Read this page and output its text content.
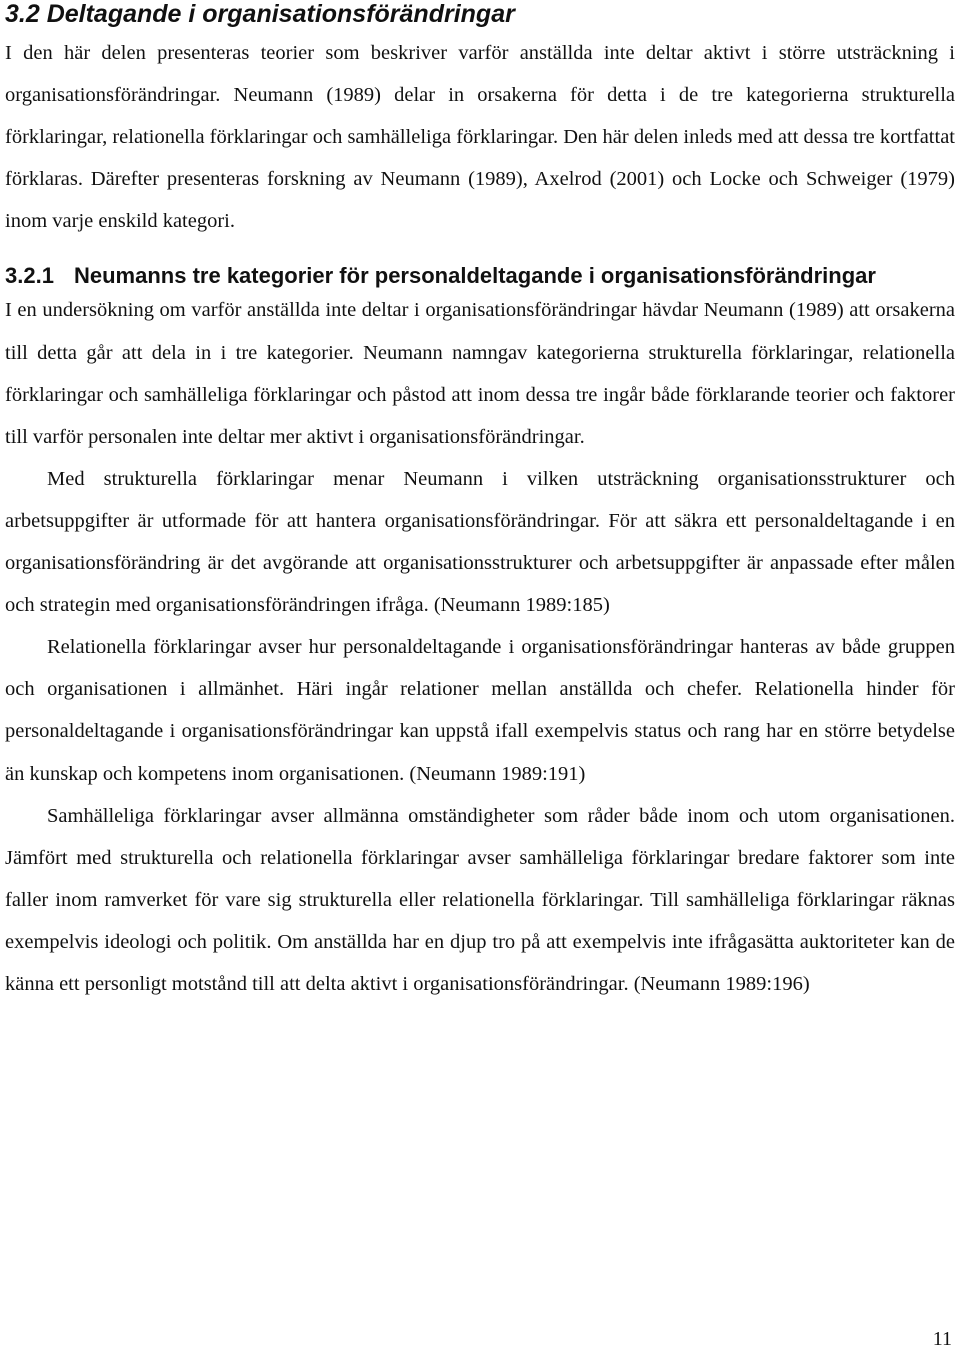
3.2 Deltagande i organisationsförändringar

I den här delen presenteras teorier som beskriver varför anställda inte deltar aktivt i större utsträckning i organisationsförändringar. Neumann (1989) delar in orsakerna för detta i de tre kategorierna strukturella förklaringar, relationella förklaringar och samhälleliga förklaringar. Den här delen inleds med att dessa tre kortfattat förklaras. Därefter presenteras forskning av Neumann (1989), Axelrod (2001) och Locke och Schweiger (1979) inom varje enskild kategori.

3.2.1 Neumanns tre kategorier för personaldeltagande i organisationsförändringar

I en undersökning om varför anställda inte deltar i organisationsförändringar hävdar Neumann (1989) att orsakerna till detta går att dela in i tre kategorier. Neumann namngav kategorierna strukturella förklaringar, relationella förklaringar och samhälleliga förklaringar och påstod att inom dessa tre ingår både förklarande teorier och faktorer till varför personalen inte deltar mer aktivt i organisationsförändringar.

Med strukturella förklaringar menar Neumann i vilken utsträckning organisationsstrukturer och arbetsuppgifter är utformade för att hantera organisationsförändringar. För att säkra ett personaldeltagande i en organisationsförändring är det avgörande att organisationsstrukturer och arbetsuppgifter är anpassade efter målen och strategin med organisationsförändringen ifråga. (Neumann 1989:185)

Relationella förklaringar avser hur personaldeltagande i organisationsförändringar hanteras av både gruppen och organisationen i allmänhet. Häri ingår relationer mellan anställda och chefer. Relationella hinder för personaldeltagande i organisationsförändringar kan uppstå ifall exempelvis status och rang har en större betydelse än kunskap och kompetens inom organisationen. (Neumann 1989:191)

Samhälleliga förklaringar avser allmänna omständigheter som råder både inom och utom organisationen. Jämfört med strukturella och relationella förklaringar avser samhälleliga förklaringar bredare faktorer som inte faller inom ramverket för vare sig strukturella eller relationella förklaringar. Till samhälleliga förklaringar räknas exempelvis ideologi och politik. Om anställda har en djup tro på att exempelvis inte ifrågasätta auktoriteter kan de känna ett personligt motstånd till att delta aktivt i organisationsförändringar. (Neumann 1989:196)

11
